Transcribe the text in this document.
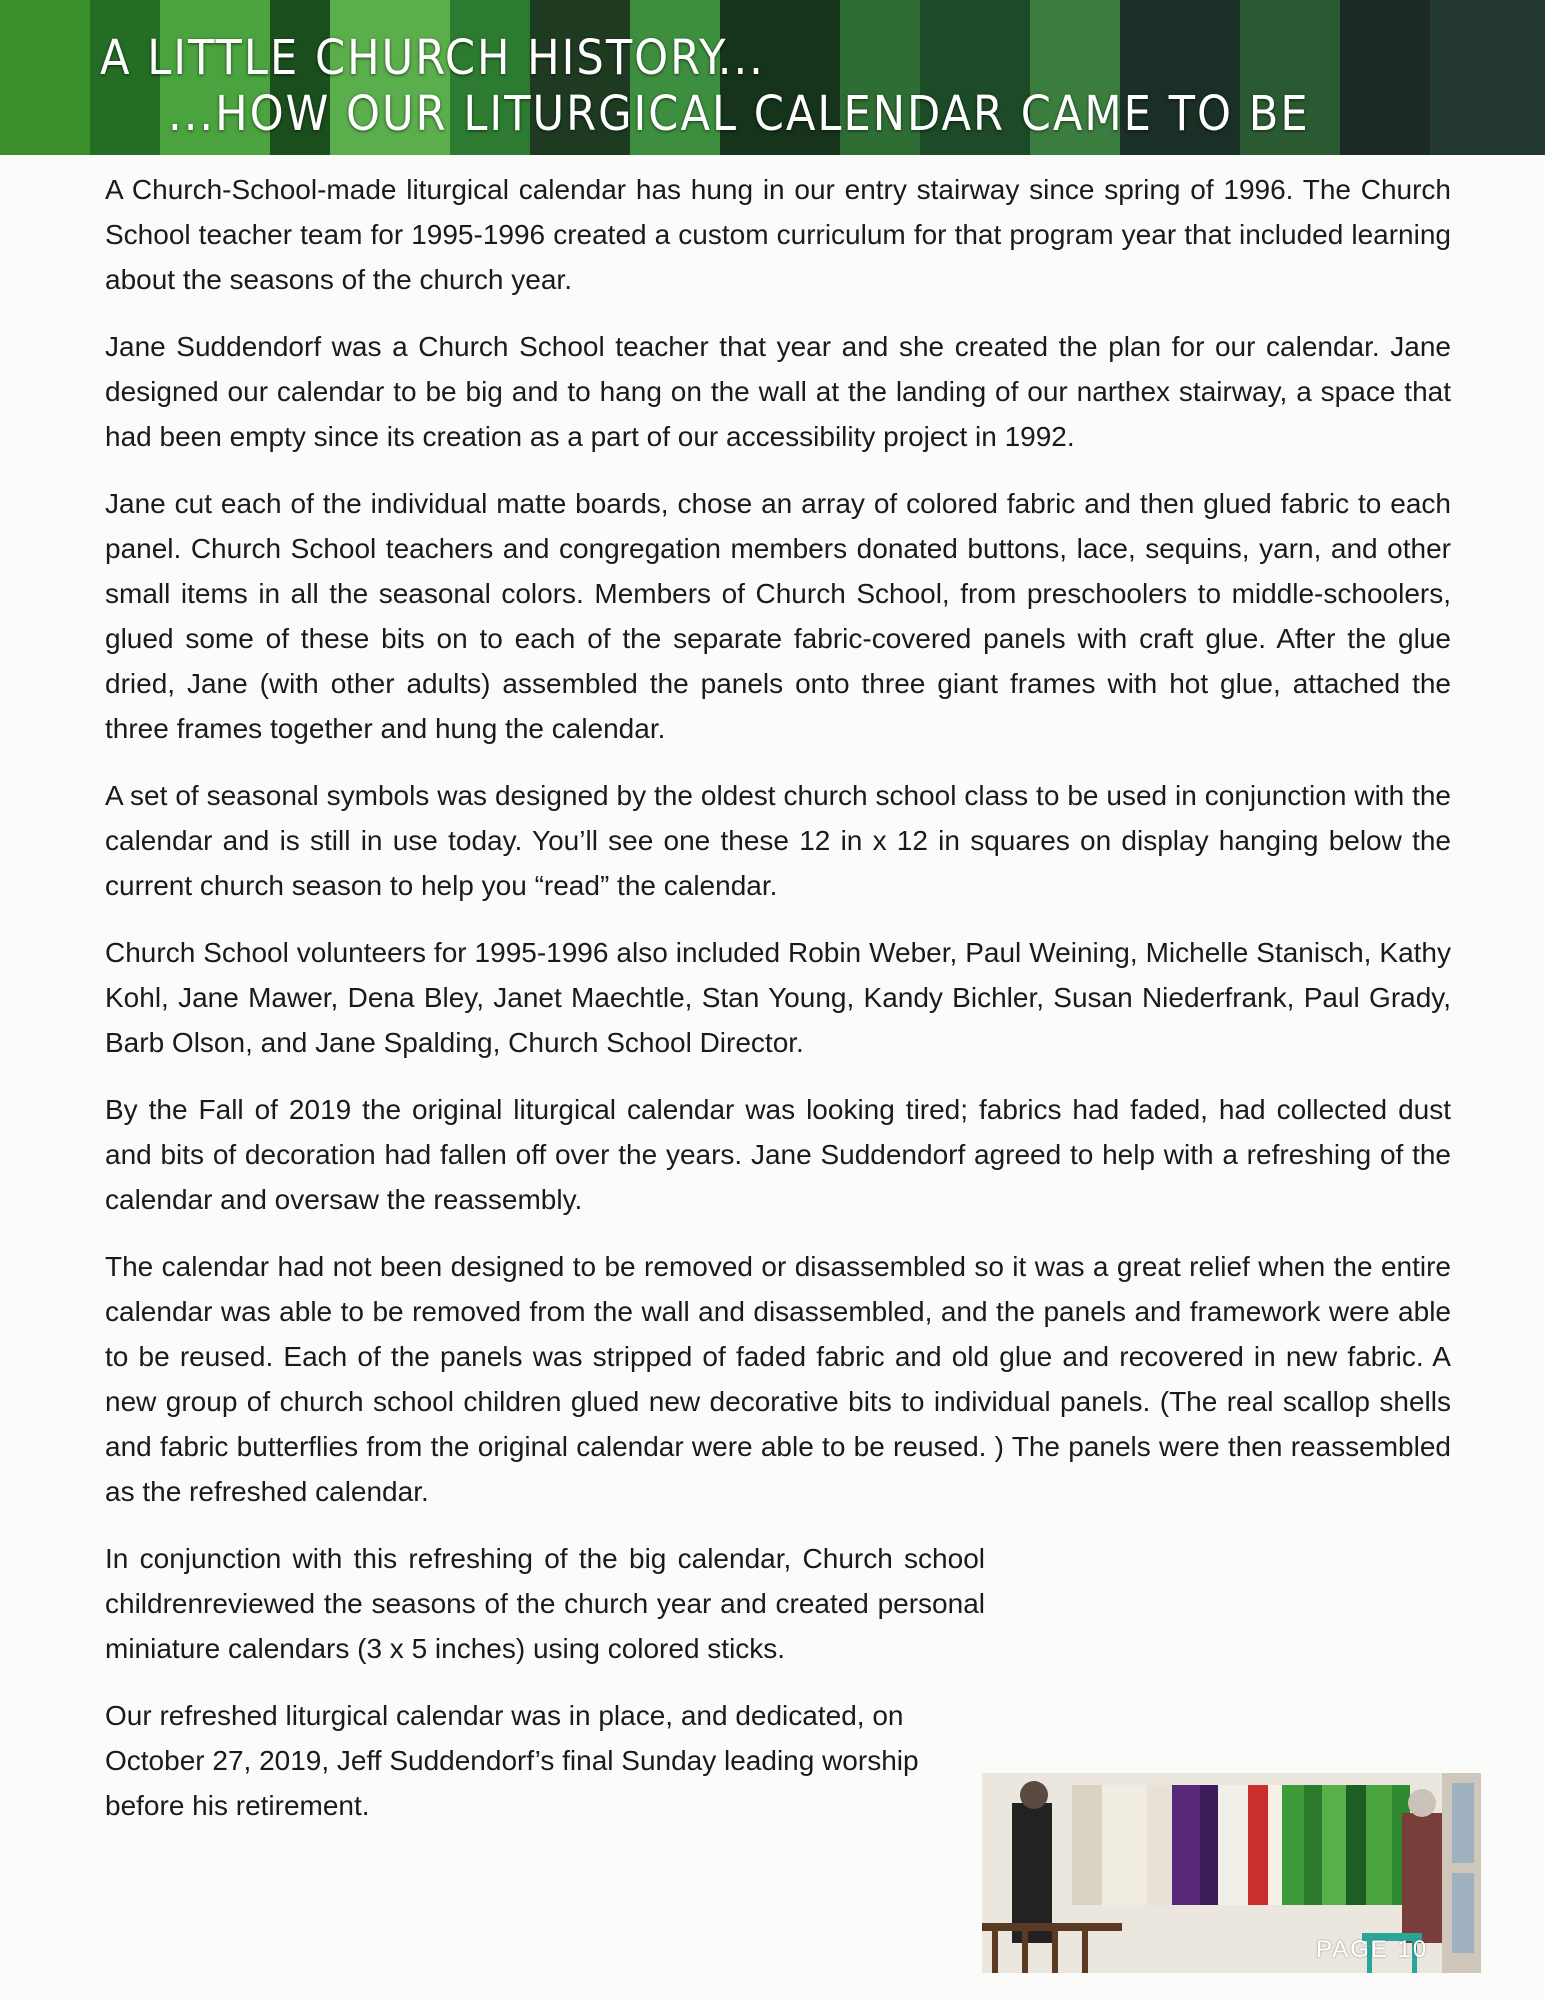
A LITTLE CHURCH HISTORY...
...HOW OUR LITURGICAL CALENDAR CAME TO BE

A Church-School-made liturgical calendar has hung in our entry stairway since spring of 1996. The Church School teacher team for 1995-1996 created a custom curriculum for that program year that included learning about the seasons of the church year.

Jane Suddendorf was a Church School teacher that year and she created the plan for our calendar. Jane designed our calendar to be big and to hang on the wall at the landing of our narthex stairway, a space that had been empty since its creation as a part of our accessibility project in 1992.

Jane cut each of the individual matte boards, chose an array of colored fabric and then glued fabric to each panel. Church School teachers and congregation members donated buttons, lace, sequins, yarn, and other small items in all the seasonal colors. Members of Church School, from preschoolers to middle-schoolers, glued some of these bits on to each of the separate fabric-covered panels with craft glue. After the glue dried, Jane (with other adults) assembled the panels onto three giant frames with hot glue, attached the three frames together and hung the calendar.

A set of seasonal symbols was designed by the oldest church school class to be used in conjunction with the calendar and is still in use today. You’ll see one these 12 in x 12 in squares on display hanging below the current church season to help you “read” the calendar.

Church School volunteers for 1995-1996 also included Robin Weber, Paul Weining, Michelle Stanisch, Kathy Kohl, Jane Mawer, Dena Bley, Janet Maechtle, Stan Young, Kandy Bichler, Susan Niederfrank, Paul Grady, Barb Olson, and Jane Spalding, Church School Director.

By the Fall of 2019 the original liturgical calendar was looking tired; fabrics had faded, had collected dust and bits of decoration had fallen off over the years. Jane Suddendorf agreed to help with a refreshing of the calendar and oversaw the reassembly.

The calendar had not been designed to be removed or disassembled so it was a great relief when the entire calendar was able to be removed from the wall and disassembled, and the panels and framework were able to be reused. Each of the panels was stripped of faded fabric and old glue and recovered in new fabric. A new group of church school children glued new decorative bits to individual panels. (The real scallop shells and fabric butterflies from the original calendar were able to be reused. ) The panels were then reassembled as the refreshed calendar.

In conjunction with this refreshing of the big calendar, Church school childrenreviewed the seasons of the church year and created personal miniature calendars (3 x 5 inches) using colored sticks.

Our refreshed liturgical calendar was in place, and dedicated, on October 27, 2019, Jeff Suddendorf’s final Sunday leading worship before his retirement.

PAGE 10
